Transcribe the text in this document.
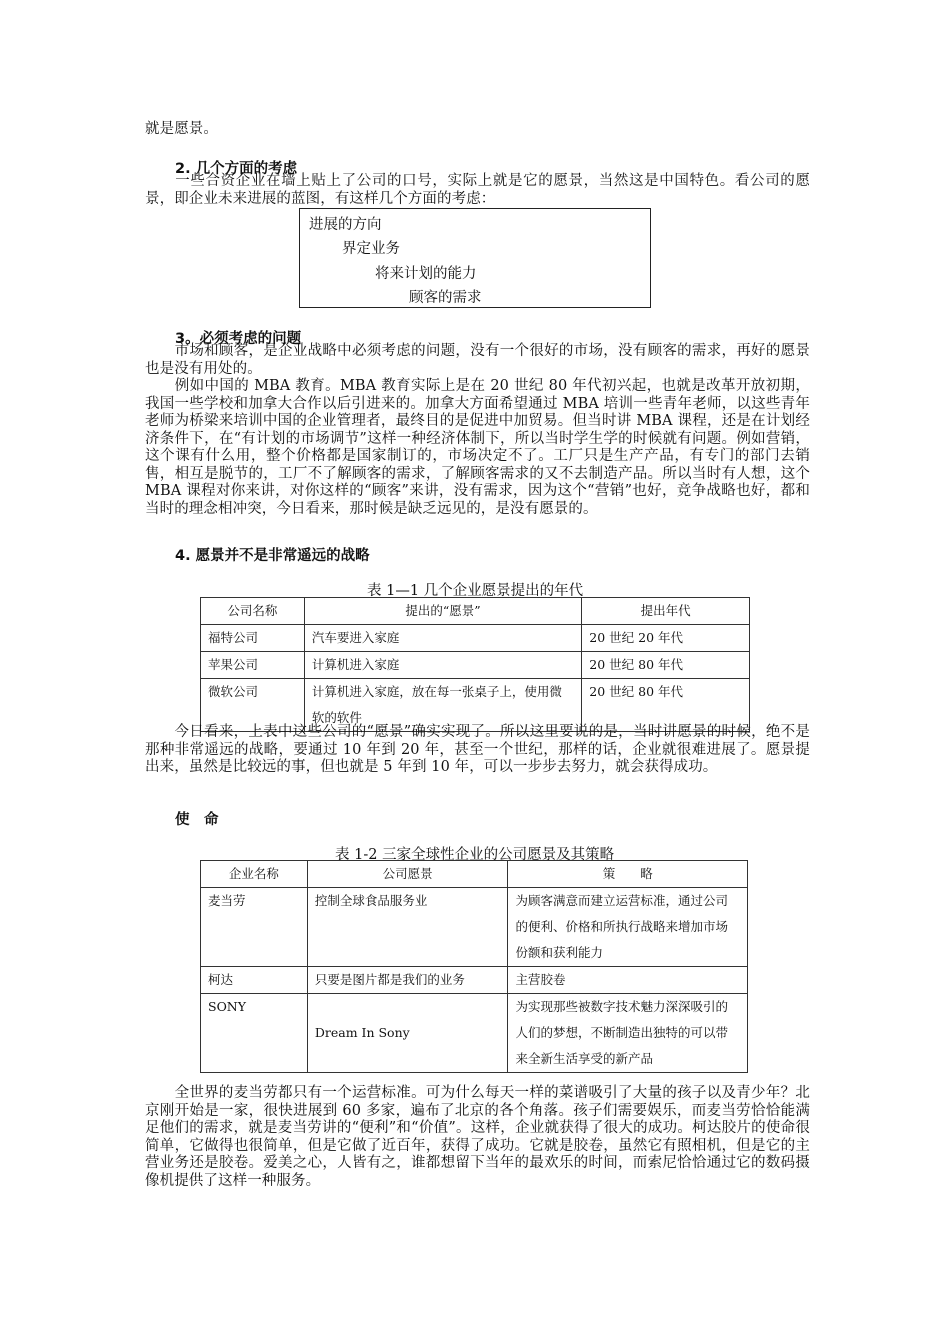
就是愿景。
2. 几个方面的考虑
　　一些合资企业在墙上贴上了公司的口号，实际上就是它的愿景，当然这是中国特色。看公司的愿景，即企业未来进展的蓝图，有这样几个方面的考虑：
进展的方向
界定业务
将来计划的能力
顾客的需求
3。必须考虑的问题
　　市场和顾客，是企业战略中必须考虑的问题，没有一个很好的市场，没有顾客的需求，再好的愿景也是没有用处的。
　　例如中国的 MBA 教育。MBA 教育实际上是在 20 世纪 80 年代初兴起，也就是改革开放初期，我国一些学校和加拿大合作以后引进来的。加拿大方面希望通过 MBA 培训一些青年老师，以这些青年老师为桥梁来培训中国的企业管理者，最终目的是促进中加贸易。但当时讲 MBA 课程，还是在计划经济条件下，在“有计划的市场调节”这样一种经济体制下，所以当时学生学的时候就有问题。例如营销，这个课有什么用，整个价格都是国家制订的，市场决定不了。工厂只是生产产品，有专门的部门去销售，相互是脱节的，工厂不了解顾客的需求，了解顾客需求的又不去制造产品。所以当时有人想，这个 MBA 课程对你来讲，对你这样的“顾客”来讲，没有需求，因为这个“营销”也好，竞争战略也好，都和当时的理念相冲突，今日看来，那时候是缺乏远见的，是没有愿景的。
4. 愿景并不是非常遥远的战略
表 1—1 几个企业愿景提出的年代
公司名称	提出的“愿景”	提出年代
福特公司	汽车要进入家庭	20 世纪 20 年代
苹果公司	计算机进入家庭	20 世纪 80 年代
微软公司	计算机进入家庭，放在每一张桌子上，使用微软的软件	20 世纪 80 年代
　　今日看来，上表中这些公司的“愿景”确实实现了。所以这里要说的是，当时讲愿景的时候，绝不是那种非常遥远的战略，要通过 10 年到 20 年，甚至一个世纪，那样的话，企业就很难进展了。愿景提出来，虽然是比较远的事，但也就是 5 年到 10 年，可以一步步去努力，就会获得成功。
使　命
表 1-2 三家全球性企业的公司愿景及其策略
企业名称	公司愿景	策　　略
麦当劳	控制全球食品服务业	为顾客满意而建立运营标准，通过公司的便利、价格和所执行战略来增加市场份额和获利能力
柯达	只要是图片都是我们的业务	主营胶卷
SONY	Dream In Sony	为实现那些被数字技术魅力深深吸引的人们的梦想，不断制造出独特的可以带来全新生活享受的新产品
　　全世界的麦当劳都只有一个运营标准。可为什么每天一样的菜谱吸引了大量的孩子以及青少年？北京刚开始是一家，很快进展到 60 多家，遍布了北京的各个角落。孩子们需要娱乐，而麦当劳恰恰能满足他们的需求，就是麦当劳讲的“便利”和“价值”。这样，企业就获得了很大的成功。柯达胶片的使命很简单，它做得也很简单，但是它做了近百年，获得了成功。它就是胶卷，虽然它有照相机，但是它的主营业务还是胶卷。爱美之心，人皆有之，谁都想留下当年的最欢乐的时间，而索尼恰恰通过它的数码摄像机提供了这样一种服务。
